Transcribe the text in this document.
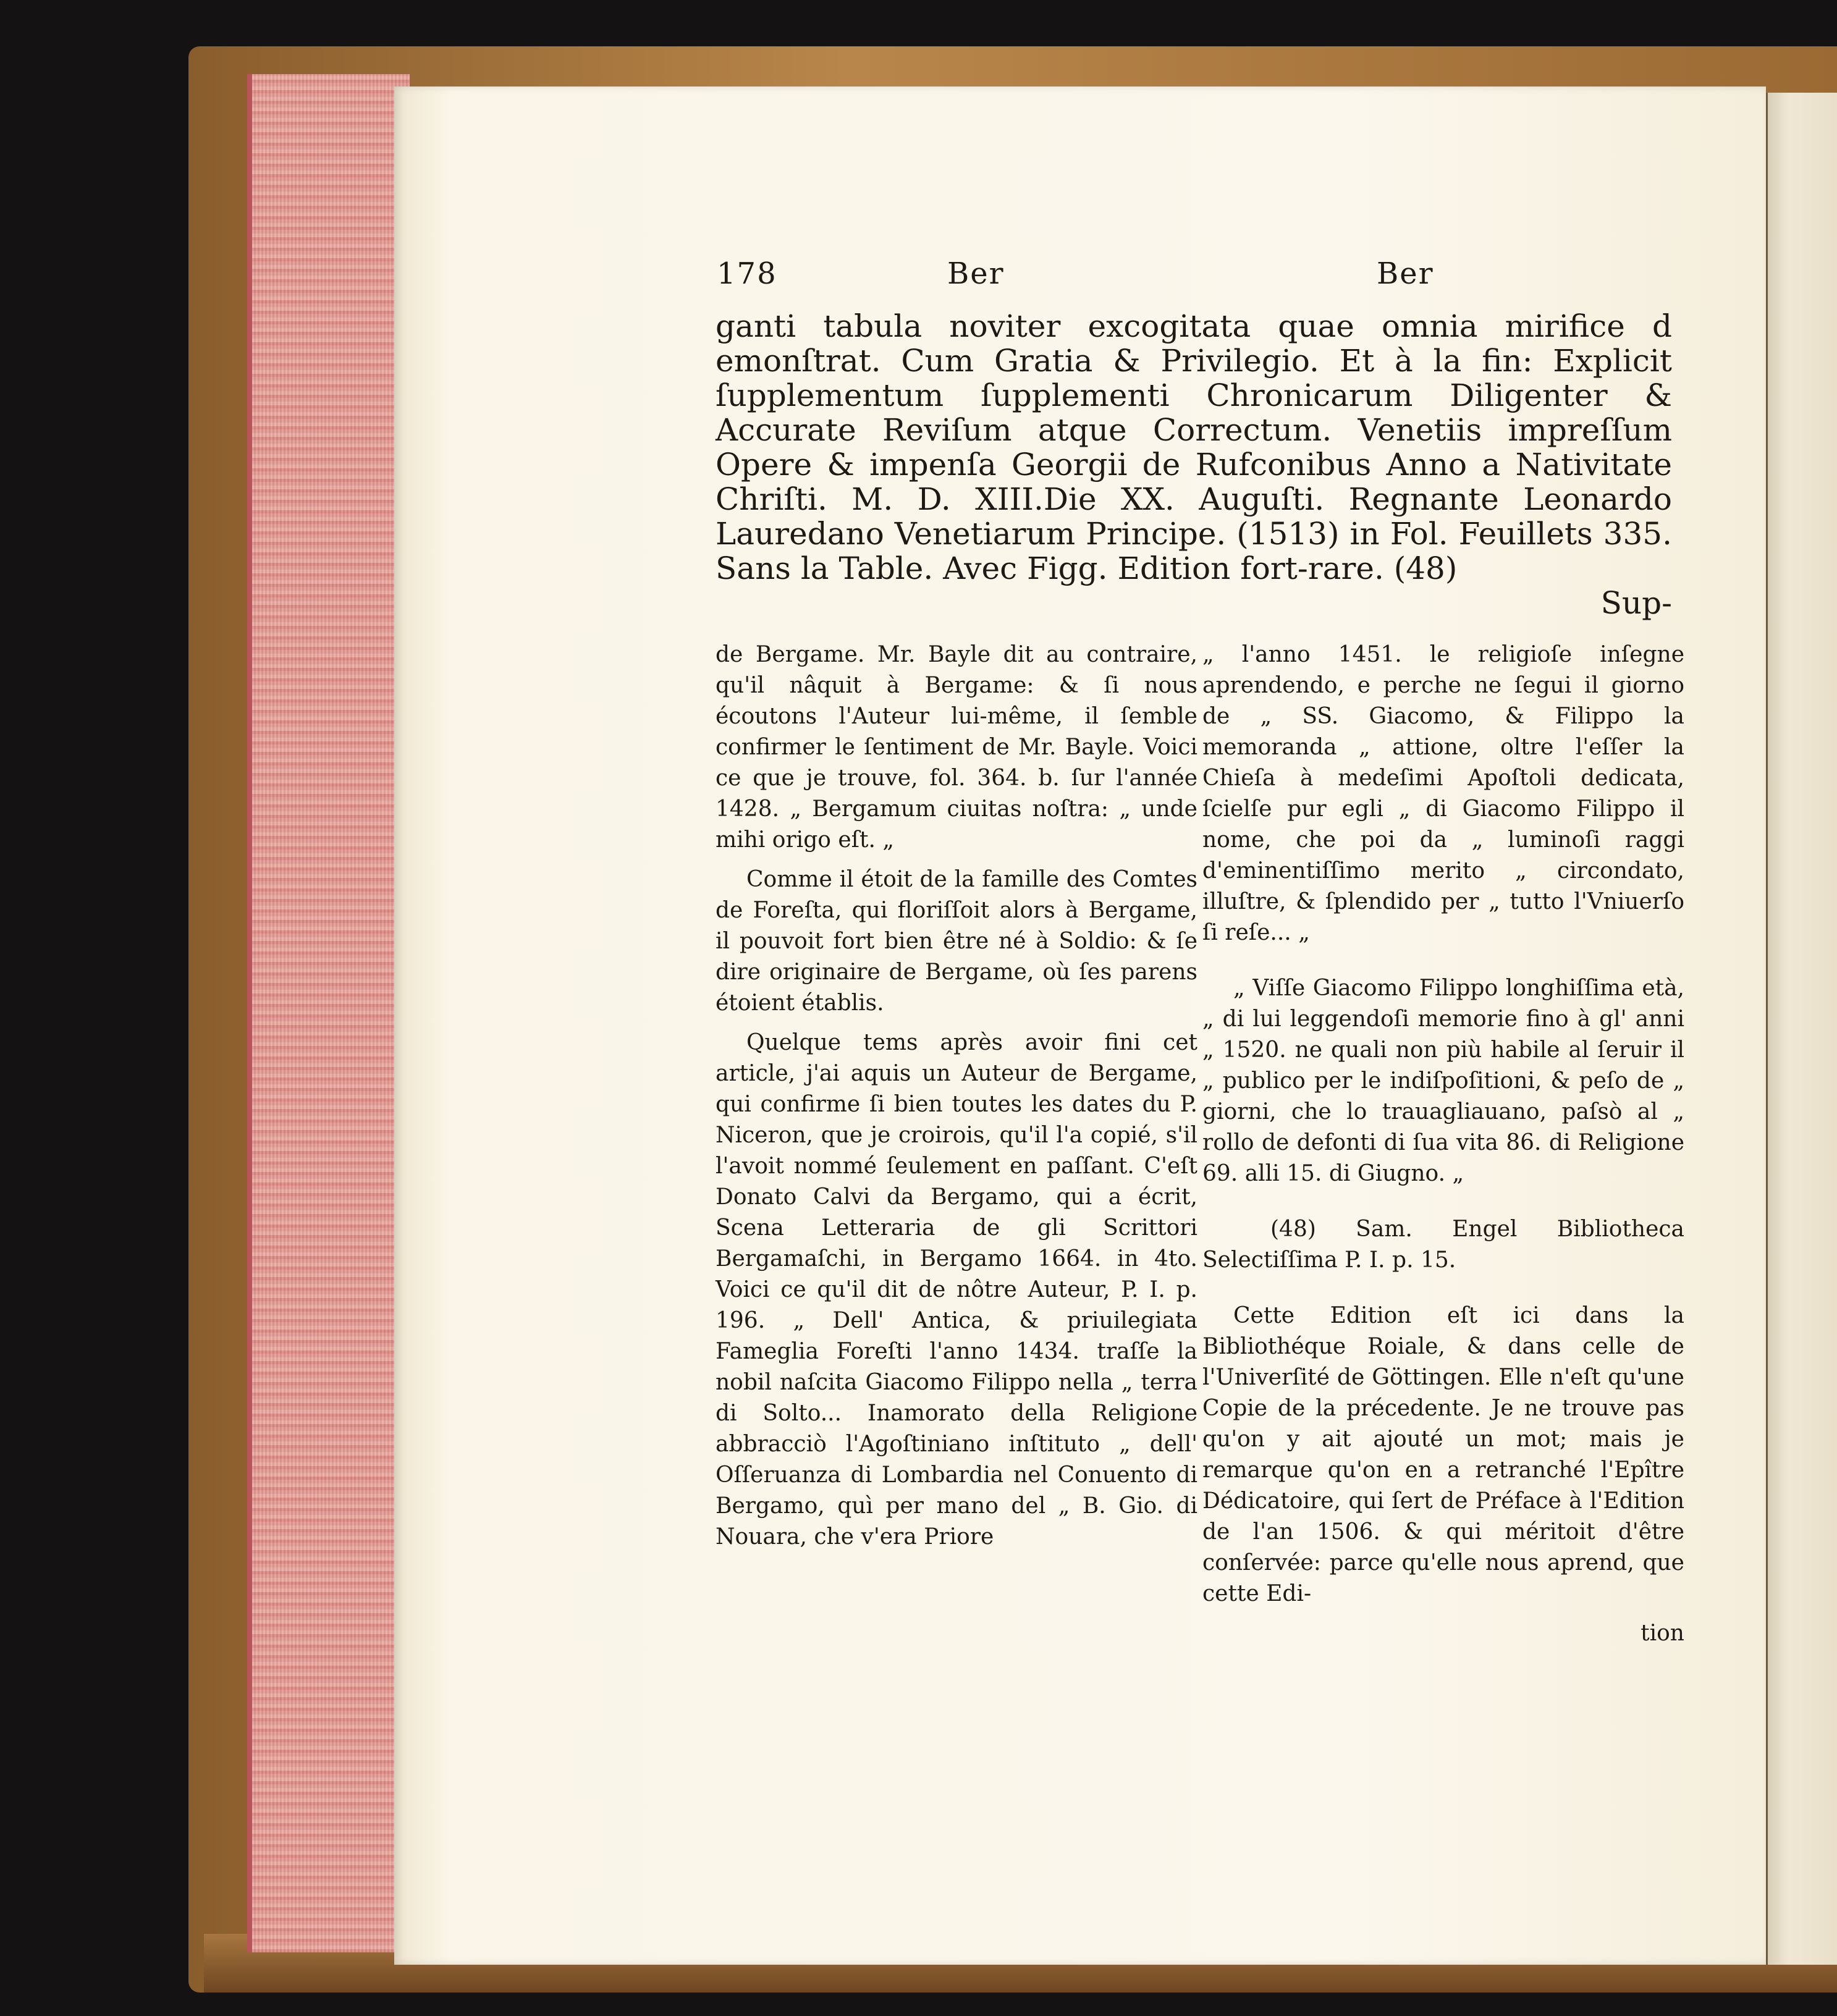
178	Ber	Ber

ganti tabula noviter excogitata quae omnia mirifice d emonſtrat. Cum Gratia & Privilegio. Et à la fin: Explicit ſupplementum ſupplementi Chronicarum Diligenter & Accurate Reviſum atque Correctum. Venetiis impreſſum Opere & impenſa Georgii de Rufconibus Anno a Nativitate Chriſti. M. D. XIII.Die XX. Auguſti. Regnante Leonardo Lauredano Venetiarum Principe. (1513) in Fol. Feuillets 335. Sans la Table. Avec Figg. Edition fort-rare. (48)

Sup-

de Bergame. Mr. Bayle dit au contraire, qu'il nâquit à Bergame: & ſi nous écoutons l'Auteur lui-même, il ſemble confirmer le ſentiment de Mr. Bayle. Voici ce que je trouve, fol. 364. b. ſur l'année 1428. „ Bergamum ciuitas noſtra: „ unde mihi origo eſt. „

Comme il étoit de la famille des Comtes de Foreſta, qui floriſſoit alors à Bergame, il pouvoit fort bien être né à Soldio: & ſe dire originaire de Bergame, où ſes parens étoient établis.

Quelque tems après avoir fini cet article, j'ai aquis un Auteur de Bergame, qui confirme ſi bien toutes les dates du P. Niceron, que je croirois, qu'il l'a copié, s'il l'avoit nommé ſeulement en paſſant. C'eſt Donato Calvi da Bergamo, qui a écrit, Scena Letteraria de gli Scrittori Bergamaſchi, in Bergamo 1664. in 4to. Voici ce qu'il dit de nôtre Auteur, P. I. p. 196. „ Dell' Antica, & priuilegiata Fameglia Foreſti l'anno 1434. traſſe la nobil naſcita Giacomo Filippo nella „ terra di Solto... Inamorato della Religione abbracciò l'Agoſtiniano inſtituto „ dell' Oſſeruanza di Lombardia nel Conuento di Bergamo, quì per mano del „ B. Gio. di Nouara, che v'era Priore

„ l'anno 1451. le religioſe inſegne aprendendo, e perche ne ſegui il giorno de „ SS. Giacomo, & Filippo la memoranda „ attione, oltre l'eſſer la Chieſa à medeſimi Apoſtoli dedicata, ſcielſe pur egli „ di Giacomo Filippo il nome, che poi da „ luminoſi raggi d'eminentiſſimo merito „ circondato, illuſtre, & ſplendido per „ tutto l'Vniuerſo ſi reſe... „

„ Viſſe Giacomo Filippo longhiſſima età, „ di lui leggendoſi memorie fino à gl' anni „ 1520. ne quali non più habile al ſeruir il „ publico per le indiſpoſitioni, & peſo de „ giorni, che lo trauagliauano, paſsò al „ rollo de defonti di ſua vita 86. di Religione 69. alli 15. di Giugno. „

(48) Sam. Engel Bibliotheca Selectiſſima P. I. p. 15.

Cette Edition eſt ici dans la Bibliothéque Roiale, & dans celle de l'Univerſité de Göttingen. Elle n'eſt qu'une Copie de la précedente. Je ne trouve pas qu'on y ait ajouté un mot; mais je remarque qu'on en a retranché l'Epître Dédicatoire, qui ſert de Préface à l'Edition de l'an 1506. & qui méritoit d'être conſervée: parce qu'elle nous aprend, que cette Edi-

tion
